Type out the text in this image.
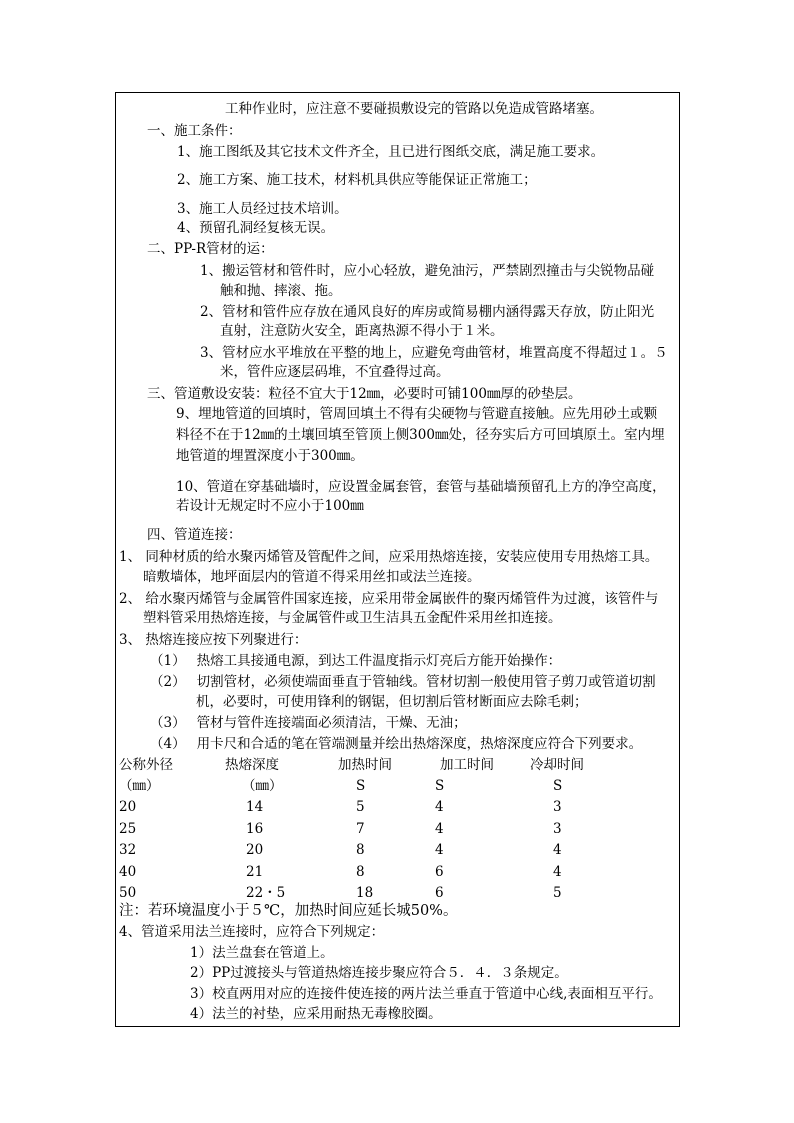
工种作业时，应注意不要碰损敷设完的管路以免造成管路堵塞。
一、施工条件：
1、施工图纸及其它技术文件齐全，且已进行图纸交底，满足施工要求。
2、施工方案、施工技术，材料机具供应等能保证正常施工；
3、施工人员经过技术培训。
4、预留孔洞经复核无误。
二、PP-R管材的运：
1、搬运管材和管件时，应小心轻放，避免油污，严禁剧烈撞击与尖锐物品碰
触和抛、摔滚、拖。
2、管材和管件应存放在通风良好的库房或简易棚内涵得露天存放，防止阳光
直射，注意防火安全，距离热源不得小于１米。
3、管材应水平堆放在平整的地上，应避免弯曲管材，堆置高度不得超过１。５
米，管件应逐层码堆，不宜叠得过高。
三、管道敷设安装：粒径不宜大于12㎜，必要时可铺100㎜厚的砂垫层。
9、埋地管道的回填时，管周回填土不得有尖硬物与管避直接触。应先用砂土或颗
料径不在于12㎜的土壤回填至管顶上侧300㎜处，径夯实后方可回填原土。室内埋
地管道的埋置深度小于300㎜。
10、管道在穿基础墙时，应设置金属套管，套管与基础墙预留孔上方的净空高度，
若设计无规定时不应小于100㎜
四、管道连接：
1、 同种材质的给水聚丙烯管及管配件之间，应采用热熔连接，安装应使用专用热熔工具。
暗敷墙体，地坪面层内的管道不得采用丝扣或法兰连接。
2、 给水聚丙烯管与金属管件国家连接，应采用带金属嵌件的聚丙烯管件为过渡，该管件与
塑料管采用热熔连接，与金属管件或卫生洁具五金配件采用丝扣连接。
3、 热熔连接应按下列聚进行：
（1）　 热熔工具接通电源，到达工件温度指示灯亮后方能开始操作：
（2）　 切割管材，必须使端面垂直于管轴线。管材切割一般使用管子剪刀或管道切割
机，必要时，可使用锋利的钢锯，但切割后管材断面应去除毛刺；
（3）　 管材与管件连接端面必须清洁，干燥、无油；
（4）　 用卡尺和合适的笔在管端测量并绘出热熔深度，热熔深度应符合下列要求。
公称外径	热熔深度	加热时间	加工时间	冷却时间
（㎜）	（㎜）	S	S	S
20	14	5	4	3
25	16	7	4	3
32	20	8	4	4
40	21	8	6	4
50	22・5	18	6	5
注：若环境温度小于５℃，加热时间应延长城50%。
4、管道采用法兰连接时，应符合下列规定：
1）法兰盘套在管道上。
2）PP过渡接头与管道热熔连接步聚应符合５．４．３条规定。
3）校直两用对应的连接件使连接的两片法兰垂直于管道中心线,表面相互平行。
4）法兰的衬垫，应采用耐热无毒橡胶圈。
